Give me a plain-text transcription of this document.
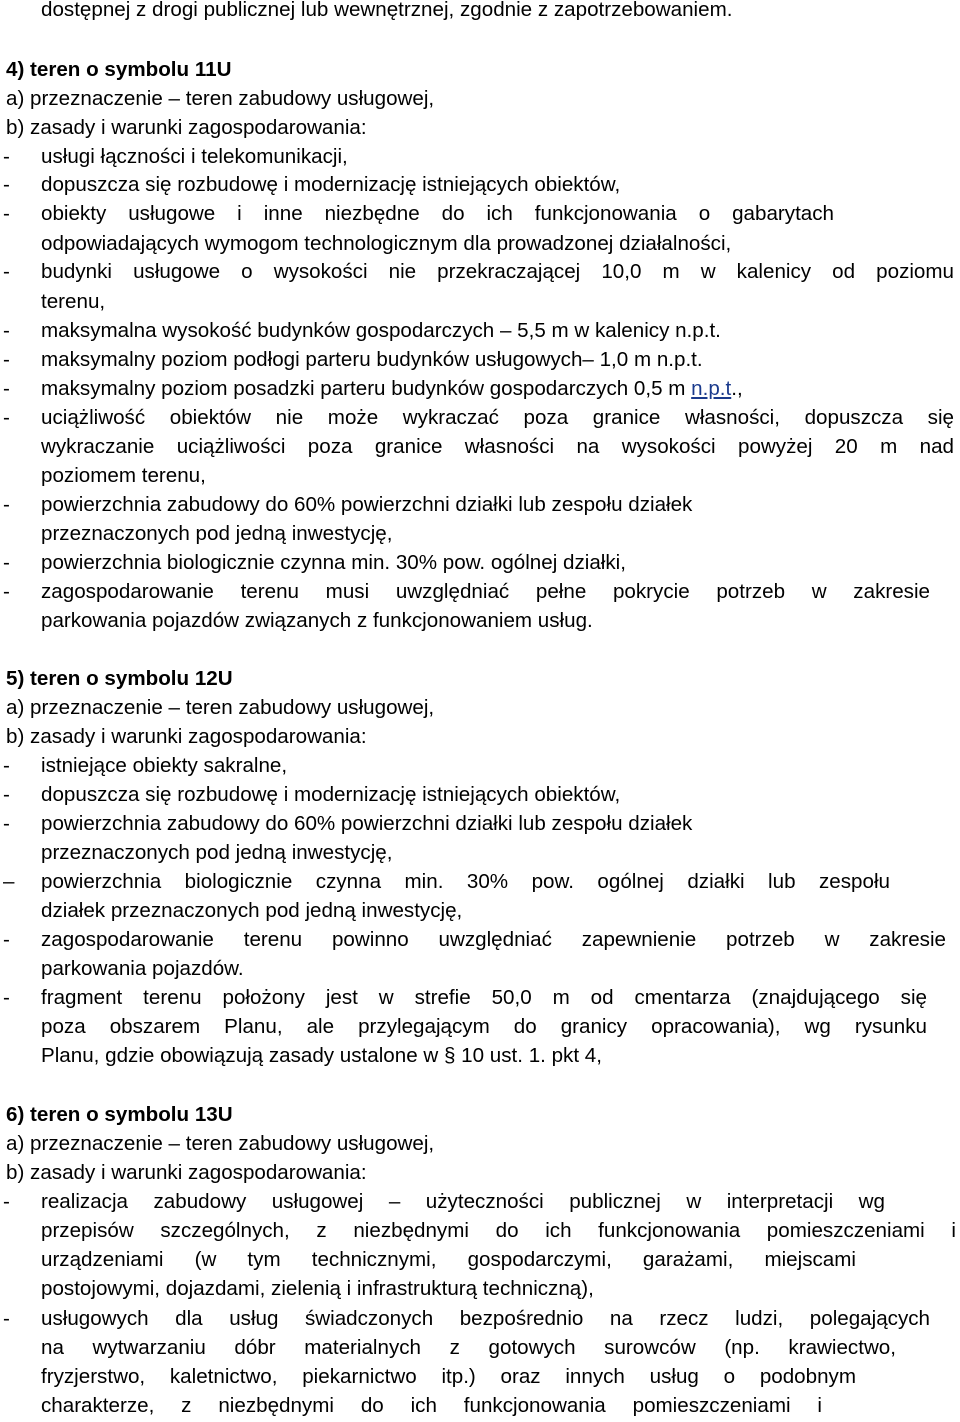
dostępnej z drogi publicznej lub wewnętrznej, zgodnie z zapotrzebowaniem.
4) teren o symbolu 11U
a) przeznaczenie – teren zabudowy usługowej,
b) zasady i warunki zagospodarowania:
- usługi łączności i telekomunikacji,
- dopuszcza się rozbudowę i modernizację istniejących obiektów,
- obiekty usługowe i inne niezbędne do ich funkcjonowania o gabarytach
odpowiadających wymogom technologicznym dla prowadzonej działalności,
- budynki usługowe o wysokości nie przekraczającej 10,0 m w kalenicy od poziomu
terenu,
- maksymalna wysokość budynków gospodarczych – 5,5 m w kalenicy n.p.t.
- maksymalny poziom podłogi parteru budynków usługowych– 1,0 m n.p.t.
- maksymalny poziom posadzki parteru budynków gospodarczych 0,5 m n.p.t.,
- uciążliwość obiektów nie może wykraczać poza granice własności, dopuszcza się
wykraczanie uciążliwości poza granice własności na wysokości powyżej 20 m nad
poziomem terenu,
- powierzchnia zabudowy do 60% powierzchni działki lub zespołu działek
przeznaczonych pod jedną inwestycję,
- powierzchnia biologicznie czynna min. 30% pow. ogólnej działki,
- zagospodarowanie terenu musi uwzględniać pełne pokrycie potrzeb w zakresie
parkowania pojazdów związanych z funkcjonowaniem usług.
5) teren o symbolu 12U
a) przeznaczenie – teren zabudowy usługowej,
b) zasady i warunki zagospodarowania:
- istniejące obiekty sakralne,
- dopuszcza się rozbudowę i modernizację istniejących obiektów,
- powierzchnia zabudowy do 60% powierzchni działki lub zespołu działek
przeznaczonych pod jedną inwestycję,
– powierzchnia biologicznie czynna min. 30% pow. ogólnej działki lub zespołu
działek przeznaczonych pod jedną inwestycję,
- zagospodarowanie terenu powinno uwzględniać zapewnienie potrzeb w zakresie
parkowania pojazdów.
- fragment terenu położony jest w strefie 50,0 m od cmentarza (znajdującego się
poza obszarem Planu, ale przylegającym do granicy opracowania), wg rysunku
Planu, gdzie obowiązują zasady ustalone w § 10 ust. 1. pkt 4,
6) teren o symbolu 13U
a) przeznaczenie – teren zabudowy usługowej,
b) zasady i warunki zagospodarowania:
- realizacja zabudowy usługowej – użyteczności publicznej w interpretacji wg
przepisów szczególnych, z niezbędnymi do ich funkcjonowania pomieszczeniami i
urządzeniami (w tym technicznymi, gospodarczymi, garażami, miejscami
postojowymi, dojazdami, zielenią i infrastrukturą techniczną),
- usługowych dla usług świadczonych bezpośrednio na rzecz ludzi, polegających
na wytwarzaniu dóbr materialnych z gotowych surowców (np. krawiectwo,
fryzjerstwo, kaletnictwo, piekarnictwo itp.) oraz innych usług o podobnym
charakterze, z niezbędnymi do ich funkcjonowania pomieszczeniami i
